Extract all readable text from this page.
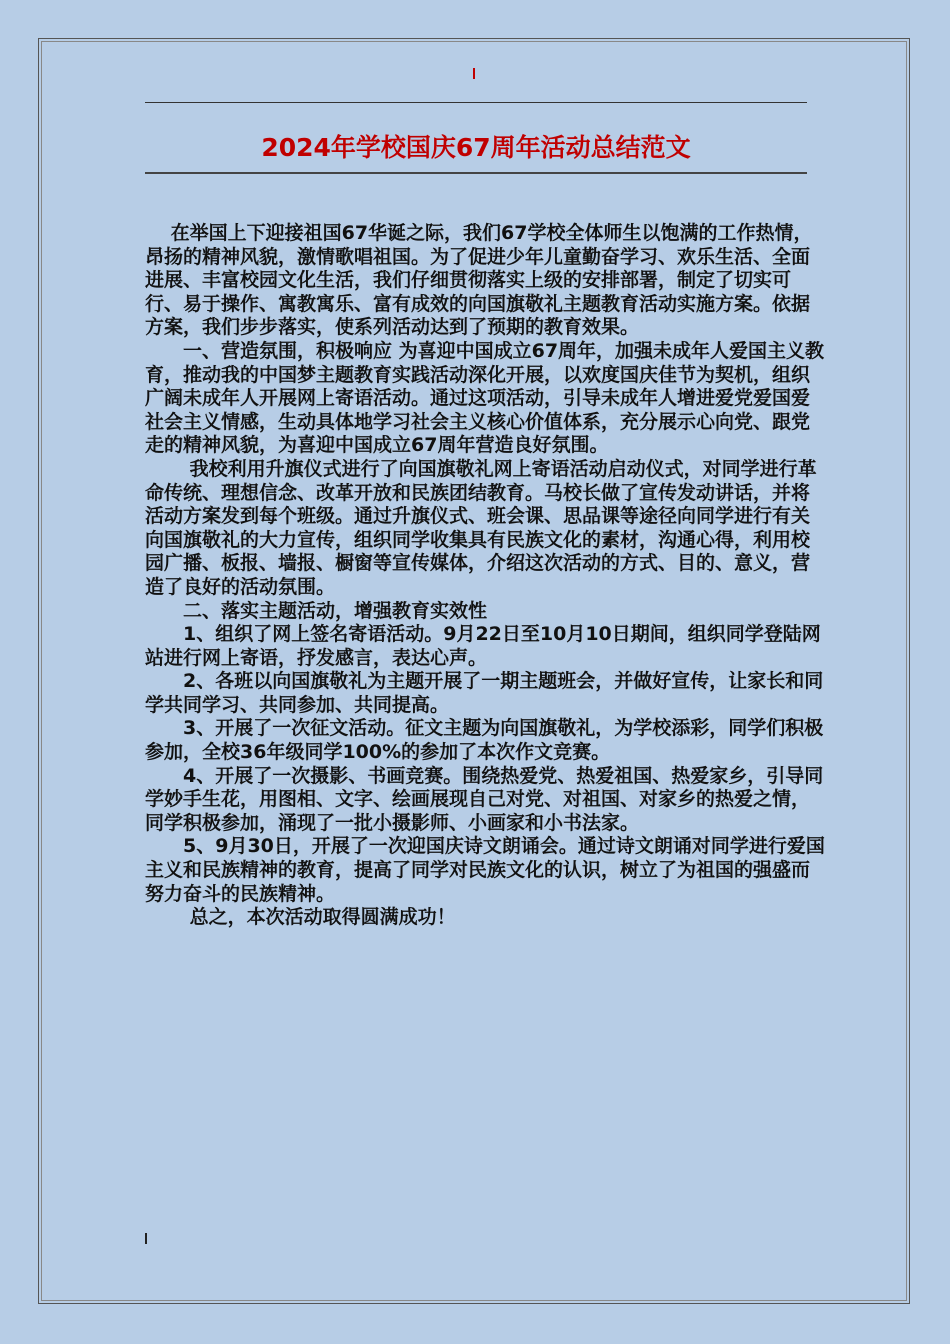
2024年学校国庆67周年活动总结范文

　 在举国上下迎接祖国67华诞之际，我们67学校全体师生以饱满的工作热情，昂扬的精神风貌，激情歌唱祖国。为了促进少年儿童勤奋学习、欢乐生活、全面进展、丰富校园文化生活，我们仔细贯彻落实上级的安排部署，制定了切实可行、易于操作、寓教寓乐、富有成效的向国旗敬礼主题教育活动实施方案。依据方案，我们步步落实，使系列活动达到了预期的教育效果。

　　一、营造氛围，积极响应 为喜迎中国成立67周年，加强未成年人爱国主义教育，推动我的中国梦主题教育实践活动深化开展，以欢度国庆佳节为契机，组织广阔未成年人开展网上寄语活动。通过这项活动，引导未成年人增进爱党爱国爱社会主义情感，生动具体地学习社会主义核心价值体系，充分展示心向党、跟党走的精神风貌，为喜迎中国成立67周年营造良好氛围。

　　 我校利用升旗仪式进行了向国旗敬礼网上寄语活动启动仪式，对同学进行革命传统、理想信念、改革开放和民族团结教育。马校长做了宣传发动讲话，并将活动方案发到每个班级。通过升旗仪式、班会课、思品课等途径向同学进行有关向国旗敬礼的大力宣传，组织同学收集具有民族文化的素材，沟通心得，利用校园广播、板报、墙报、橱窗等宣传媒体，介绍这次活动的方式、目的、意义，营造了良好的活动氛围。

　　二、落实主题活动，增强教育实效性

　　1、组织了网上签名寄语活动。9月22日至10月10日期间，组织同学登陆网站进行网上寄语，抒发感言，表达心声。

　　2、各班以向国旗敬礼为主题开展了一期主题班会，并做好宣传，让家长和同学共同学习、共同参加、共同提高。

　　3、开展了一次征文活动。征文主题为向国旗敬礼，为学校添彩，同学们积极参加，全校36年级同学100%的参加了本次作文竞赛。

　　4、开展了一次摄影、书画竞赛。围绕热爱党、热爱祖国、热爱家乡，引导同学妙手生花，用图相、文字、绘画展现自己对党、对祖国、对家乡的热爱之情，同学积极参加，涌现了一批小摄影师、小画家和小书法家。

　　5、9月30日，开展了一次迎国庆诗文朗诵会。通过诗文朗诵对同学进行爱国主义和民族精神的教育，提高了同学对民族文化的认识，树立了为祖国的强盛而努力奋斗的民族精神。

　　 总之，本次活动取得圆满成功！
